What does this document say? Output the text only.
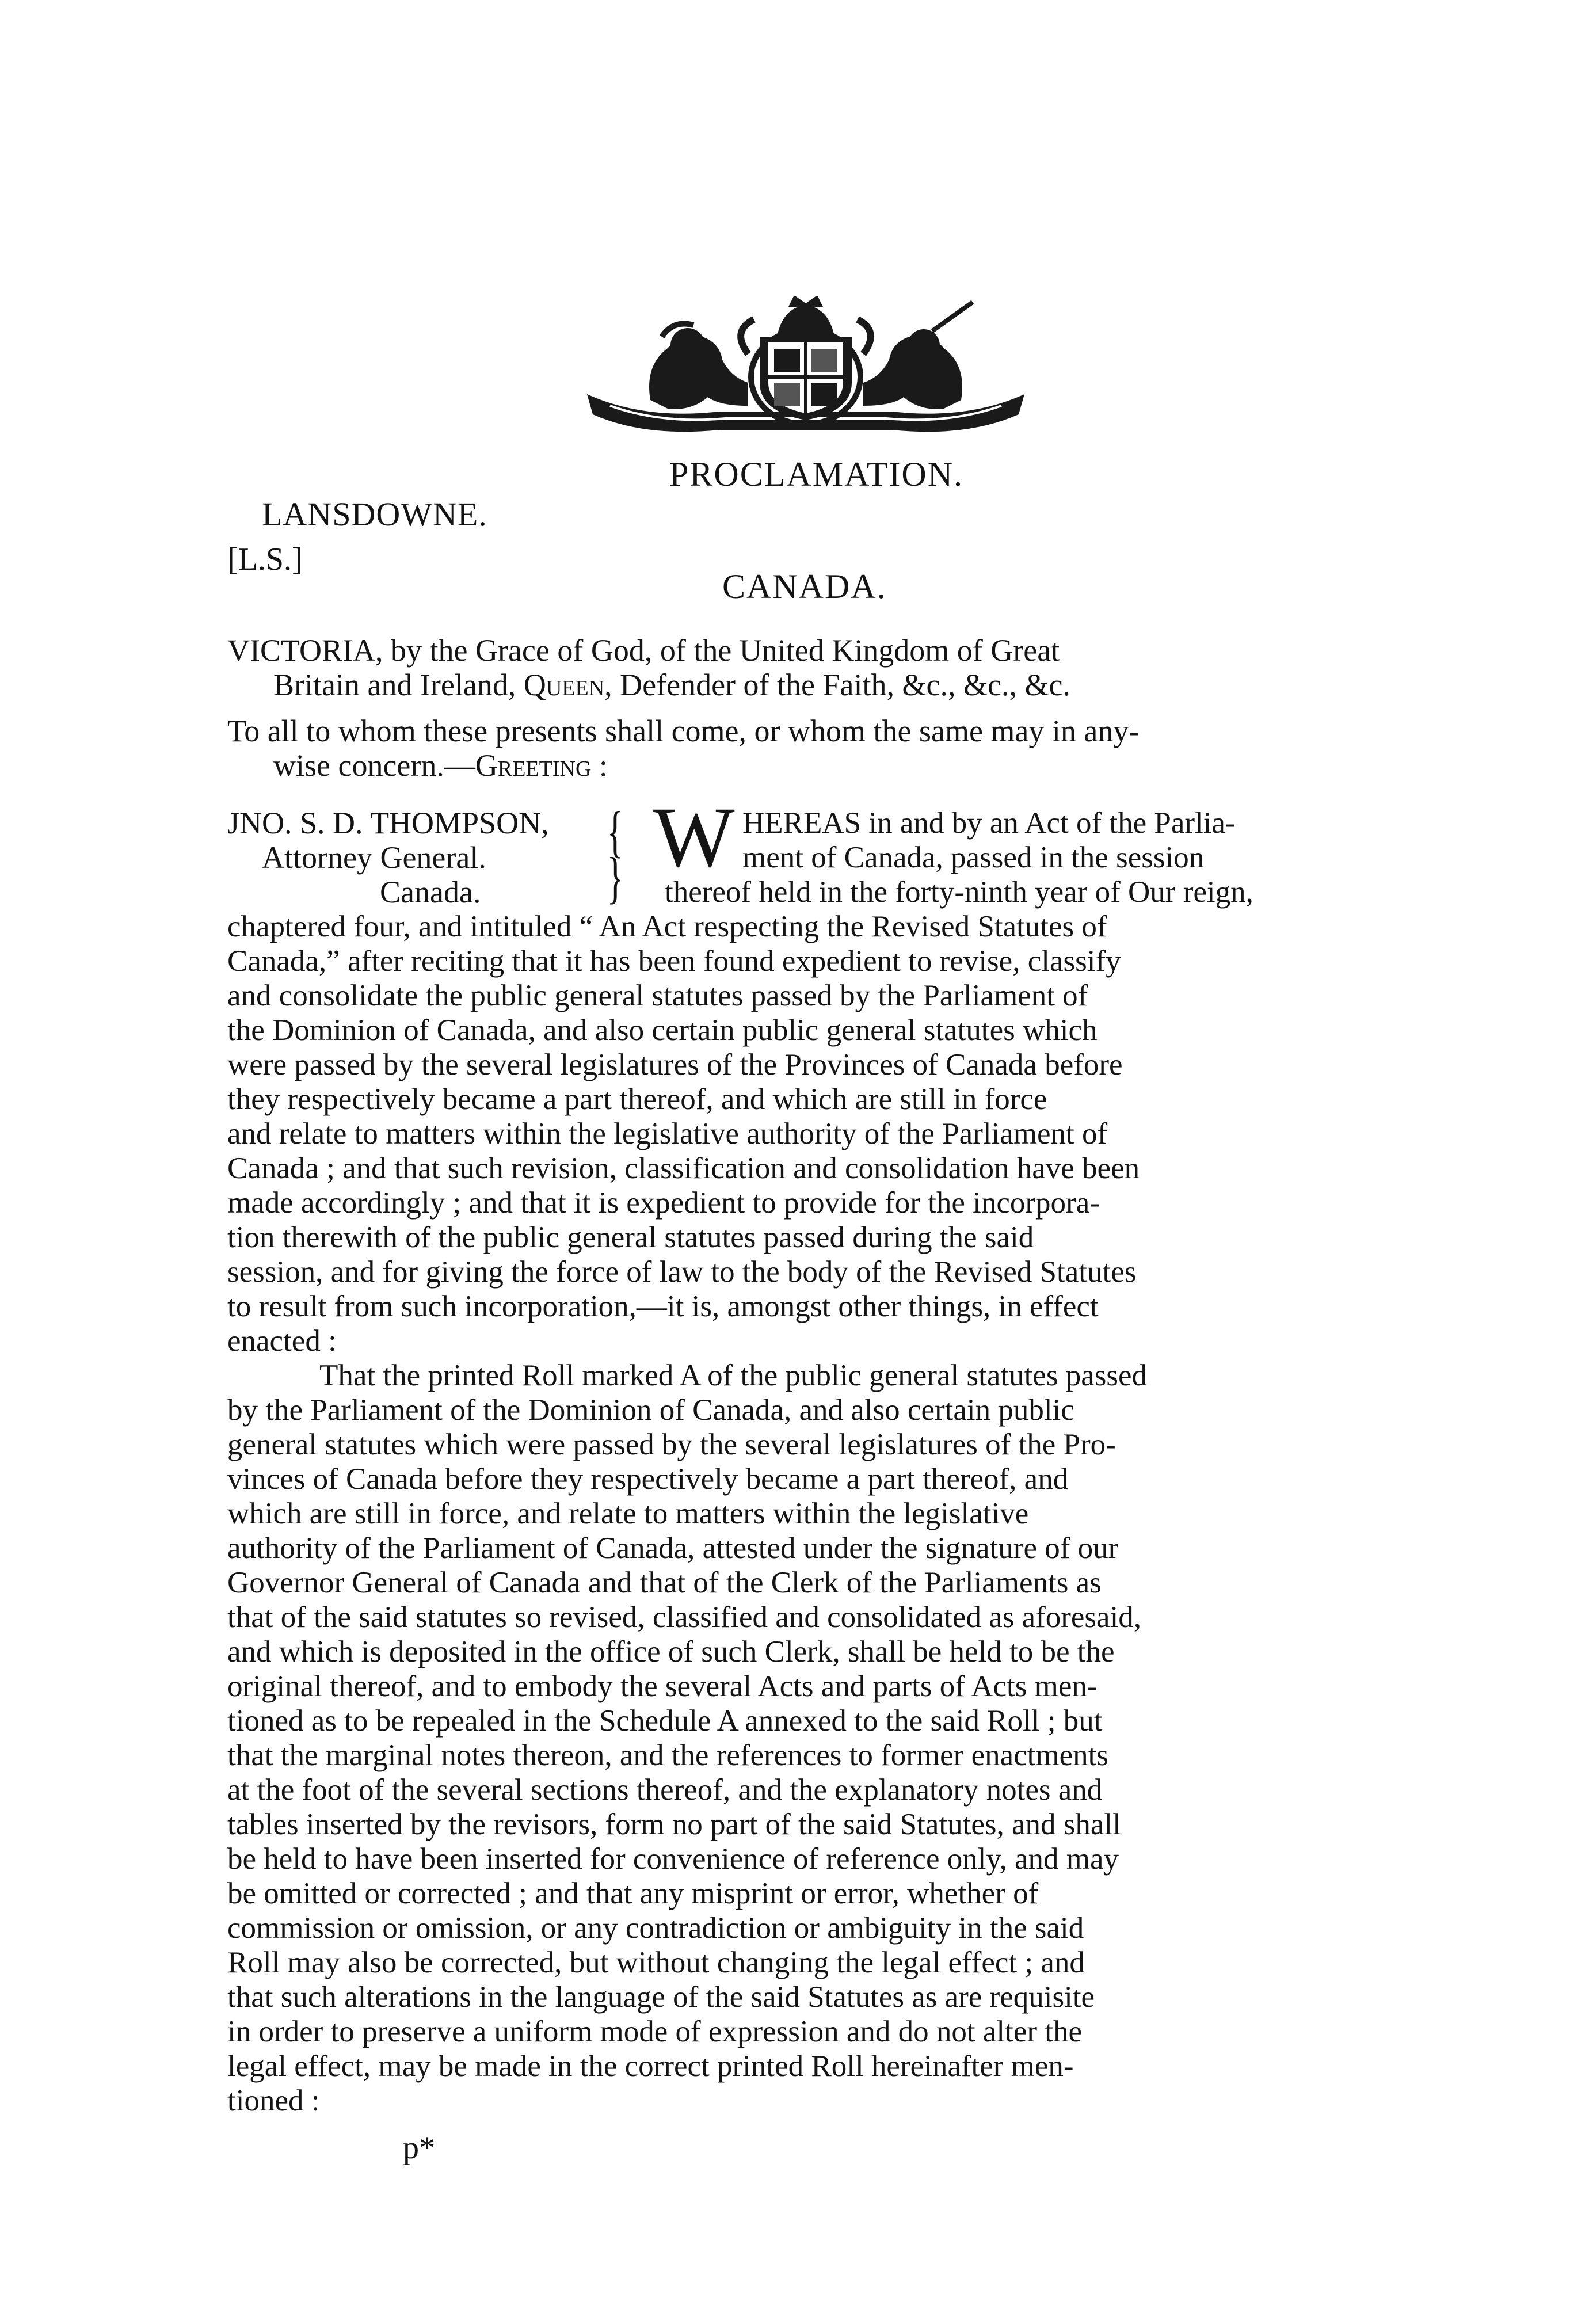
PROCLAMATION.
LANSDOWNE.
[L.S.]
CANADA.
VICTORIA, by the Grace of God, of the United Kingdom of Great
Britain and Ireland, Queen, Defender of the Faith, &c., &c., &c.
To all to whom these presents shall come, or whom the same may in any-
wise concern.—Greeting :
JNO. S. D. THOMPSON,
Attorney General.
Canada.
{
} W HEREAS in and by an Act of the Parlia-
ment of Canada, passed in the session
thereof held in the forty-ninth year of Our reign,
chaptered four, and intituled “ An Act respecting the Revised Statutes of
Canada,” after reciting that it has been found expedient to revise, classify
and consolidate the public general statutes passed by the Parliament of
the Dominion of Canada, and also certain public general statutes which
were passed by the several legislatures of the Provinces of Canada before
they respectively became a part thereof, and which are still in force
and relate to matters within the legislative authority of the Parliament of
Canada ; and that such revision, classification and consolidation have been
made accordingly ; and that it is expedient to provide for the incorpora-
tion therewith of the public general statutes passed during the said
session, and for giving the force of law to the body of the Revised Statutes
to result from such incorporation,—it is, amongst other things, in effect
enacted :
That the printed Roll marked A of the public general statutes passed
by the Parliament of the Dominion of Canada, and also certain public
general statutes which were passed by the several legislatures of the Pro-
vinces of Canada before they respectively became a part thereof, and
which are still in force, and relate to matters within the legislative
authority of the Parliament of Canada, attested under the signature of our
Governor General of Canada and that of the Clerk of the Parliaments as
that of the said statutes so revised, classified and consolidated as aforesaid,
and which is deposited in the office of such Clerk, shall be held to be the
original thereof, and to embody the several Acts and parts of Acts men-
tioned as to be repealed in the Schedule A annexed to the said Roll ; but
that the marginal notes thereon, and the references to former enactments
at the foot of the several sections thereof, and the explanatory notes and
tables inserted by the revisors, form no part of the said Statutes, and shall
be held to have been inserted for convenience of reference only, and may
be omitted or corrected ; and that any misprint or error, whether of
commission or omission, or any contradiction or ambiguity in the said
Roll may also be corrected, but without changing the legal effect ; and
that such alterations in the language of the said Statutes as are requisite
in order to preserve a uniform mode of expression and do not alter the
legal effect, may be made in the correct printed Roll hereinafter men-
tioned :
p*
